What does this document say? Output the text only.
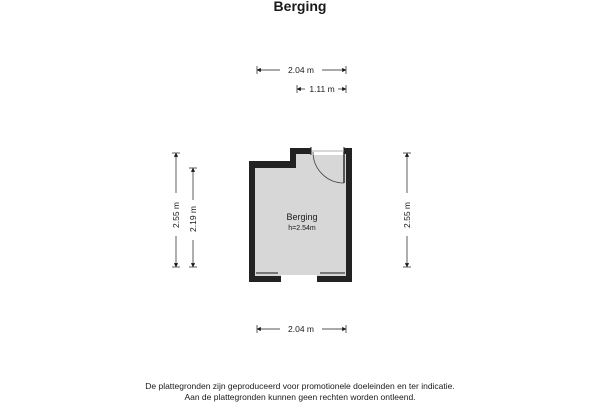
Berging
Berging
h=2.54m
2.04 m
1.11 m
2.04 m
2.55 m 2.19 m	2.55 m
De plattegronden zijn geproduceerd voor promotionele doeleinden en ter indicatie.
Aan de plattegronden kunnen geen rechten worden ontleend.
